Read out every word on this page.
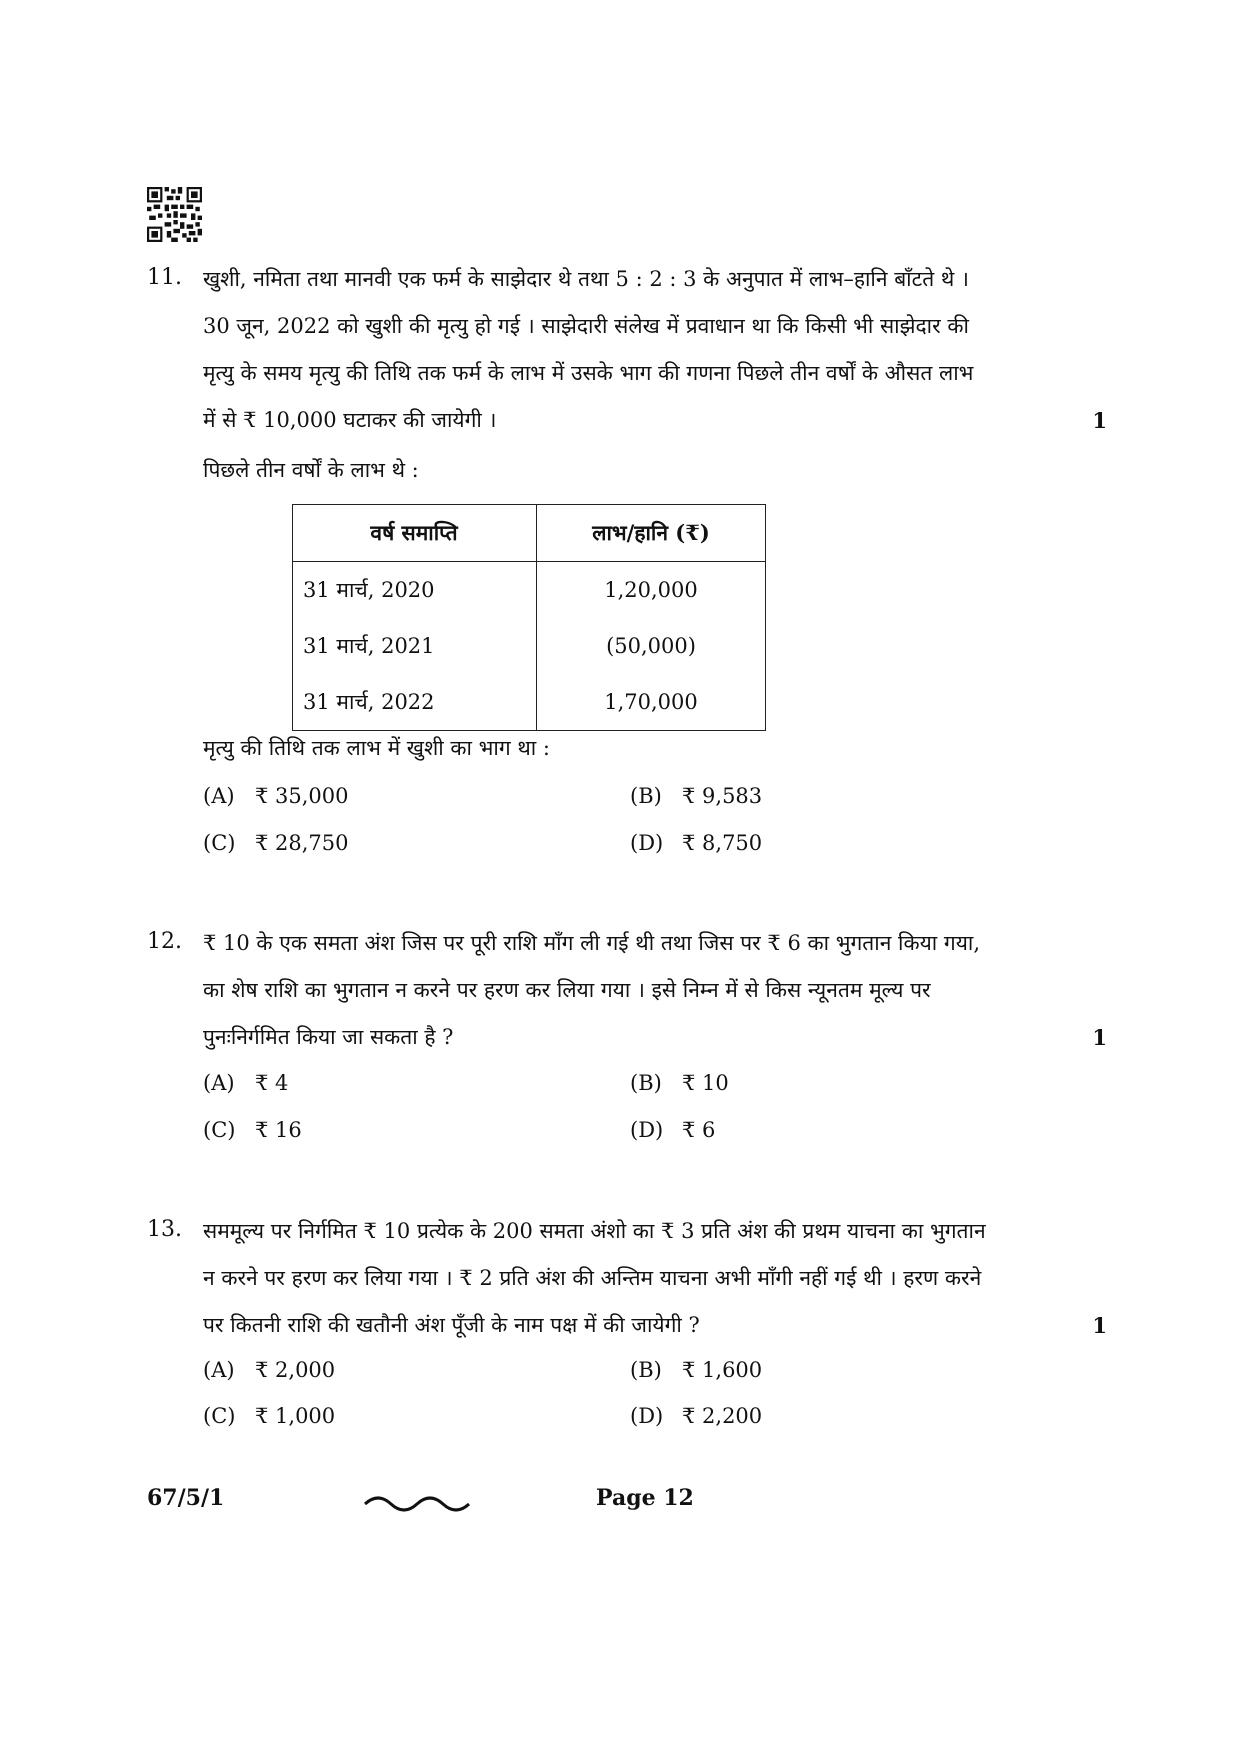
11. खुशी, नमिता तथा मानवी एक फर्म के साझेदार थे तथा 5 : 2 : 3 के अनुपात में लाभ–हानि बाँटते थे ।

30 जून, 2022 को खुशी की मृत्यु हो गई । साझेदारी संलेख में प्रवाधान था कि किसी भी साझेदार की

मृत्यु के समय मृत्यु की तिथि तक फर्म के लाभ में उसके भाग की गणना पिछले तीन वर्षों के औसत लाभ

में से ₹ 10,000 घटाकर की जायेगी ।	1
पिछले तीन वर्षों के लाभ थे :
वर्ष समाप्ति	लाभ/हानि (₹)
31 मार्च, 2020	1,20,000
31 मार्च, 2021	(50,000)
31 मार्च, 2022	1,70,000
मृत्यु की तिथि तक लाभ में खुशी का भाग था :
(A) ₹ 35,000	(B) ₹ 9,583
(C) ₹ 28,750	(D) ₹ 8,750
12. ₹ 10 के एक समता अंश जिस पर पूरी राशि माँग ली गई थी तथा जिस पर ₹ 6 का भुगतान किया गया,

का शेष राशि का भुगतान न करने पर हरण कर लिया गया । इसे निम्न में से किस न्यूनतम मूल्य पर

पुनःनिर्गमित किया जा सकता है ?	1
(A) ₹ 4	(B) ₹ 10
(C) ₹ 16	(D) ₹ 6
13. सममूल्य पर निर्गमित ₹ 10 प्रत्येक के 200 समता अंशो का ₹ 3 प्रति अंश की प्रथम याचना का भुगतान

न करने पर हरण कर लिया गया । ₹ 2 प्रति अंश की अन्तिम याचना अभी माँगी नहीं गई थी । हरण करने

पर कितनी राशि की खतौनी अंश पूँजी के नाम पक्ष में की जायेगी ?	1
(A) ₹ 2,000	(B) ₹ 1,600
(C) ₹ 1,000	(D) ₹ 2,200
67/5/1	Page 12
